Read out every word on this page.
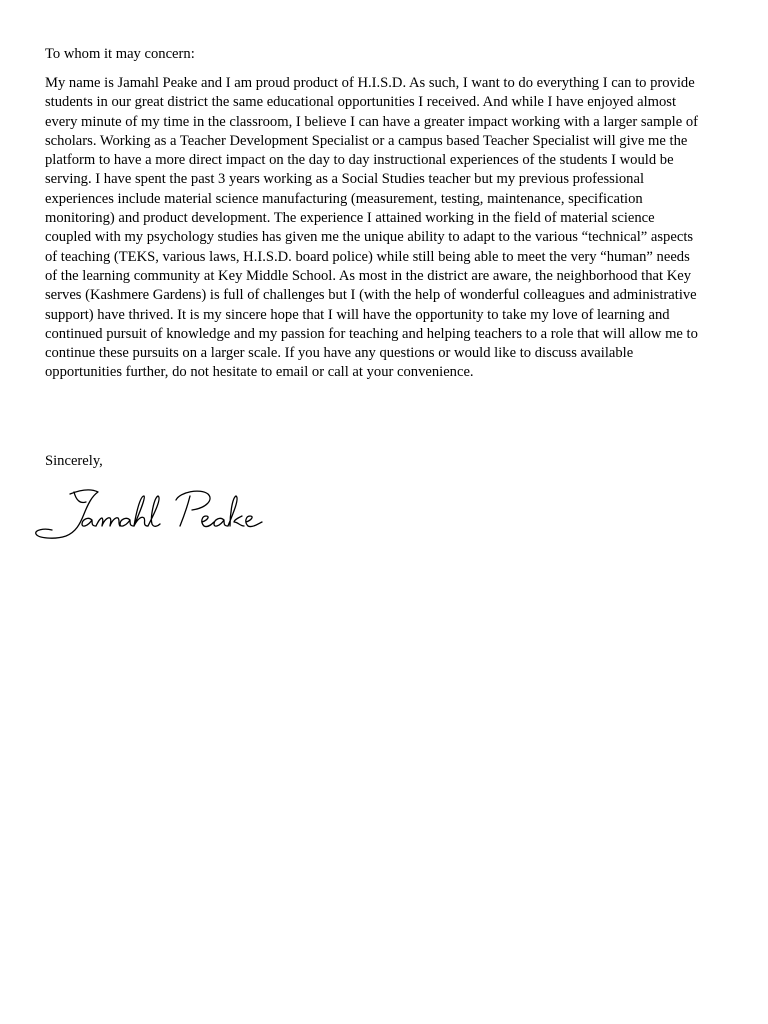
To whom it may concern:

My name is Jamahl Peake and I am proud product of H.I.S.D. As such, I want to do everything I can to provide
students in our great district the same educational opportunities I received. And while I have enjoyed almost
every minute of my time in the classroom, I believe I can have a greater impact working with a larger sample of
scholars. Working as a Teacher Development Specialist or a campus based Teacher Specialist will give me the
platform to have a more direct impact on the day to day instructional experiences of the students I would be
serving. I have spent the past 3 years working as a Social Studies teacher but my previous professional
experiences include material science manufacturing (measurement, testing, maintenance, specification
monitoring) and product development. The experience I attained working in the field of material science
coupled with my psychology studies has given me the unique ability to adapt to the various “technical” aspects
of teaching (TEKS, various laws, H.I.S.D. board police) while still being able to meet the very “human” needs
of the learning community at Key Middle School. As most in the district are aware, the neighborhood that Key
serves (Kashmere Gardens) is full of challenges but I (with the help of wonderful colleagues and administrative
support) have thrived. It is my sincere hope that I will have the opportunity to take my love of learning and
continued pursuit of knowledge and my passion for teaching and helping teachers to a role that will allow me to
continue these pursuits on a larger scale. If you have any questions or would like to discuss available
opportunities further, do not hesitate to email or call at your convenience.

Sincerely,
